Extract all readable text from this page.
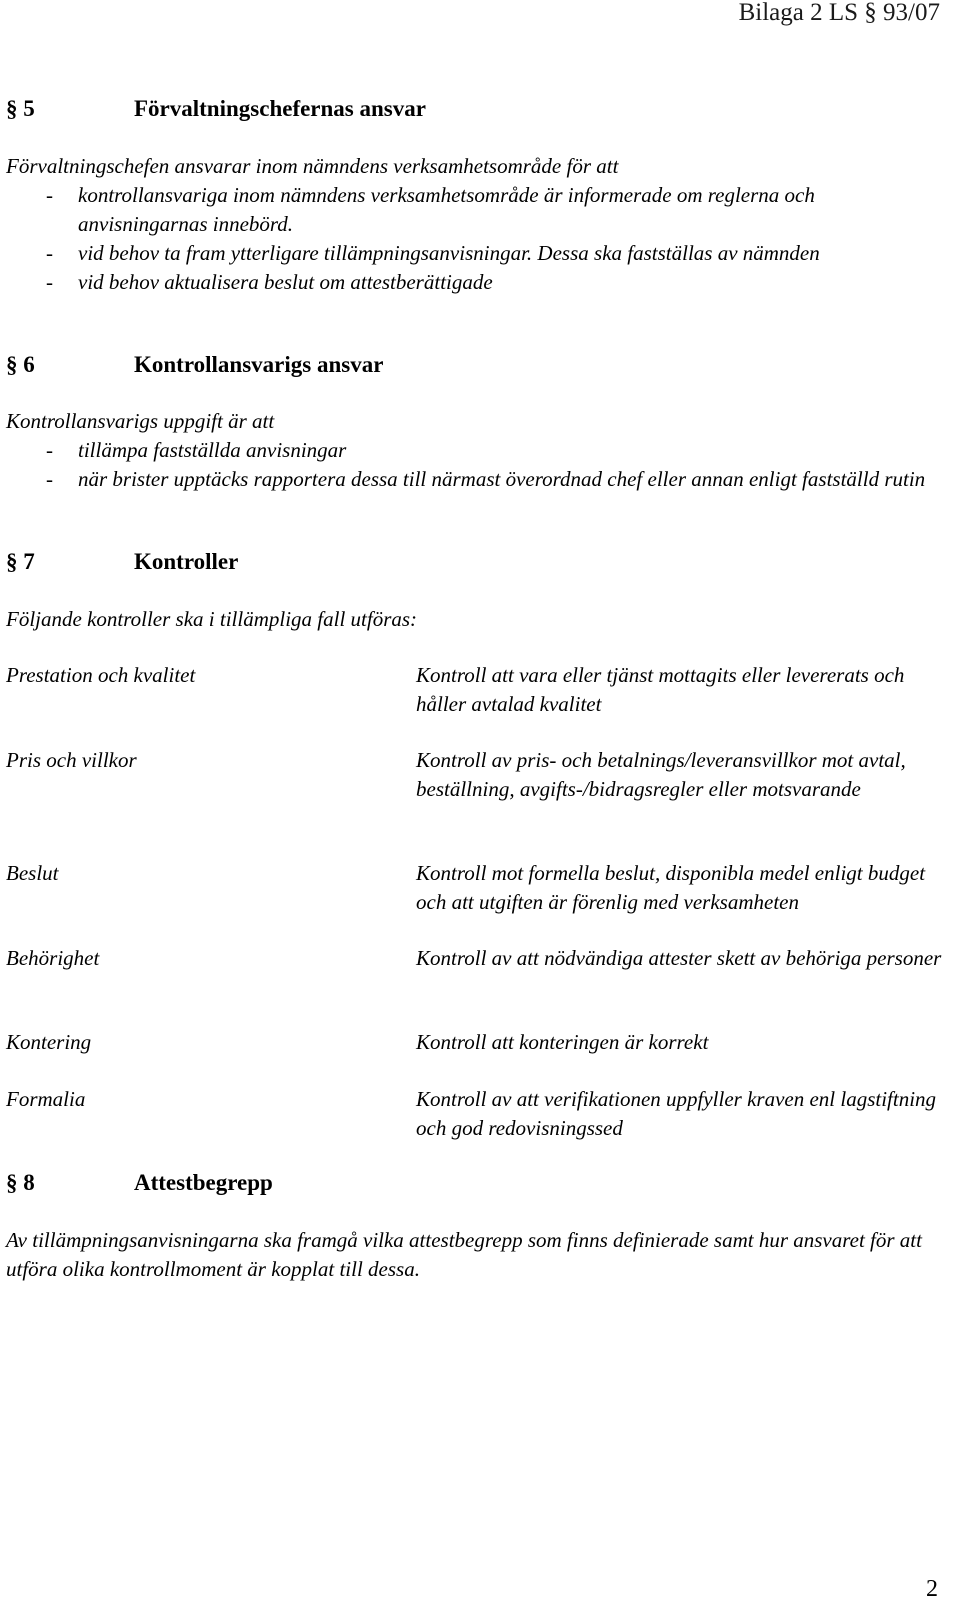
Bilaga 2 LS § 93/07
§ 5	Förvaltningschefernas ansvar

Förvaltningschefen ansvarar inom nämndens verksamhetsområde för att

- kontrollansvariga inom nämndens verksamhetsområde är informerade om reglerna och anvisningarnas innebörd.
- vid behov ta fram ytterligare tillämpningsanvisningar. Dessa ska fastställas av nämnden
- vid behov aktualisera beslut om attestberättigade
§ 6	Kontrollansvarigs ansvar

Kontrollansvarigs uppgift är att

- tillämpa fastställda anvisningar
- när brister upptäcks rapportera dessa till närmast överordnad chef eller annan enligt fastställd rutin
§ 7	Kontroller

Följande kontroller ska i tillämpliga fall utföras:

Prestation och kvalitet	Kontroll att vara eller tjänst mottagits eller levererats och håller avtalad kvalitet
Pris och villkor	Kontroll av pris- och betalnings/leveransvillkor mot avtal, beställning, avgifts-/bidragsregler eller motsvarande
Beslut	Kontroll mot formella beslut, disponibla medel enligt budget och att utgiften är förenlig med verksamheten
Behörighet	Kontroll av att nödvändiga attester skett av behöriga personer
Kontering	Kontroll att konteringen är korrekt
Formalia	Kontroll av att verifikationen uppfyller kraven enl lagstiftning och god redovisningssed
§ 8	Attestbegrepp

Av tillämpningsanvisningarna ska framgå vilka attestbegrepp som finns definierade samt hur ansvaret för att utföra olika kontrollmoment är kopplat till dessa.

2
